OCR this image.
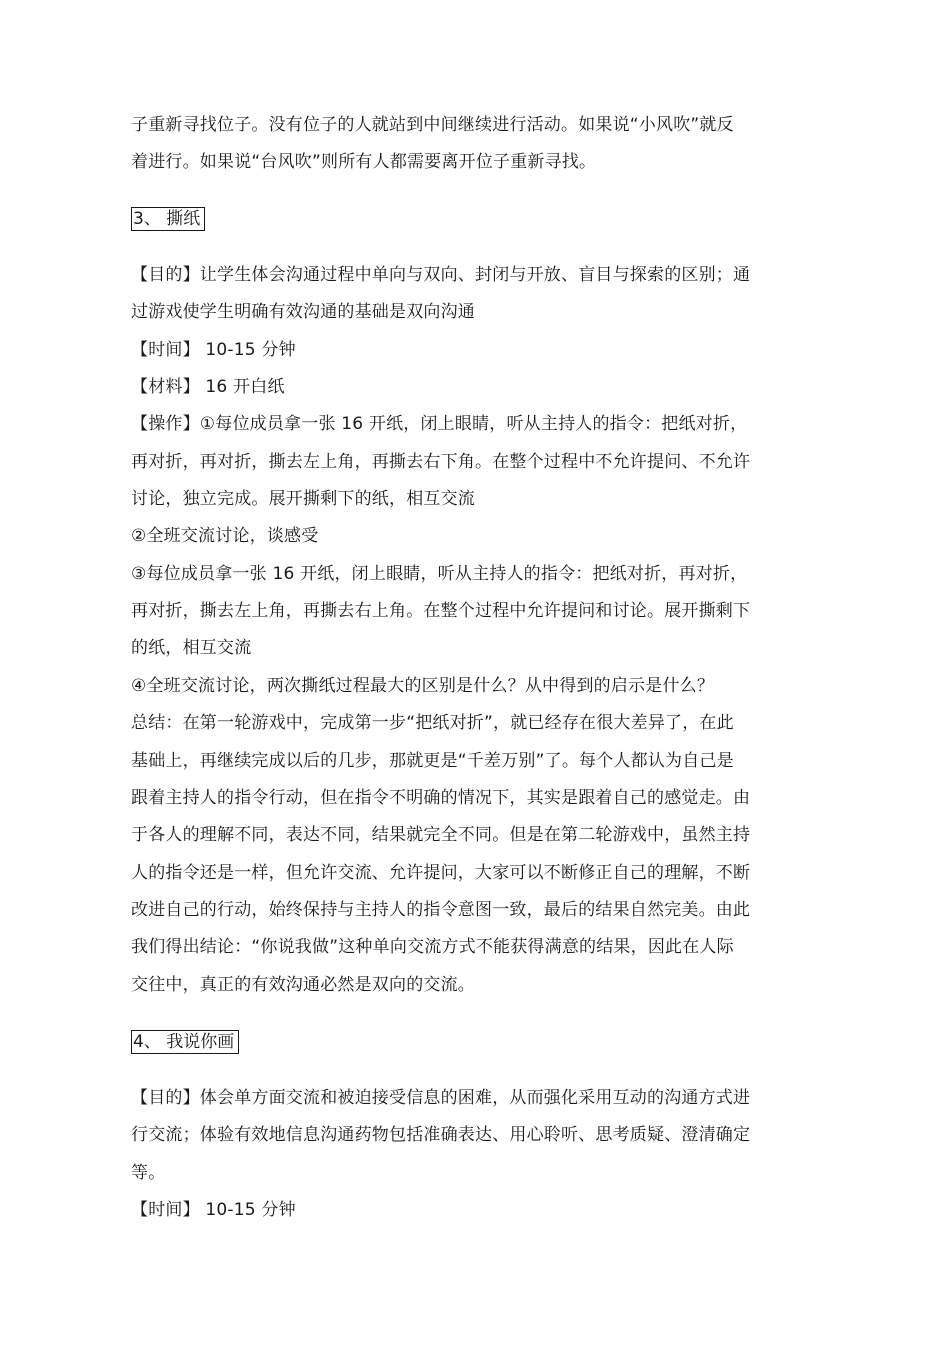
子重新寻找位子。没有位子的人就站到中间继续进行活动。如果说“小风吹”就反
着进行。如果说“台风吹”则所有人都需要离开位子重新寻找。
3、 撕纸
【目的】让学生体会沟通过程中单向与双向、封闭与开放、盲目与探索的区别；通
过游戏使学生明确有效沟通的基础是双向沟通
【时间】 10-15 分钟
【材料】 16 开白纸
【操作】①每位成员拿一张 16 开纸，闭上眼睛，听从主持人的指令：把纸对折，
再对折，再对折，撕去左上角，再撕去右下角。在整个过程中不允许提问、不允许
讨论，独立完成。展开撕剩下的纸，相互交流
②全班交流讨论，谈感受
③每位成员拿一张 16 开纸，闭上眼睛，听从主持人的指令：把纸对折，再对折，
再对折，撕去左上角，再撕去右上角。在整个过程中允许提问和讨论。展开撕剩下
的纸，相互交流
④全班交流讨论，两次撕纸过程最大的区别是什么？从中得到的启示是什么？
总结：在第一轮游戏中，完成第一步“把纸对折”，就已经存在很大差异了，在此
基础上，再继续完成以后的几步，那就更是“千差万别”了。每个人都认为自己是
跟着主持人的指令行动，但在指令不明确的情况下，其实是跟着自己的感觉走。由
于各人的理解不同，表达不同，结果就完全不同。但是在第二轮游戏中，虽然主持
人的指令还是一样，但允许交流、允许提问，大家可以不断修正自己的理解，不断
改进自己的行动，始终保持与主持人的指令意图一致，最后的结果自然完美。由此
我们得出结论：“你说我做”这种单向交流方式不能获得满意的结果，因此在人际
交往中，真正的有效沟通必然是双向的交流。
4、 我说你画
【目的】体会单方面交流和被迫接受信息的困难，从而强化采用互动的沟通方式进
行交流；体验有效地信息沟通药物包括准确表达、用心聆听、思考质疑、澄清确定
等。
【时间】 10-15 分钟
